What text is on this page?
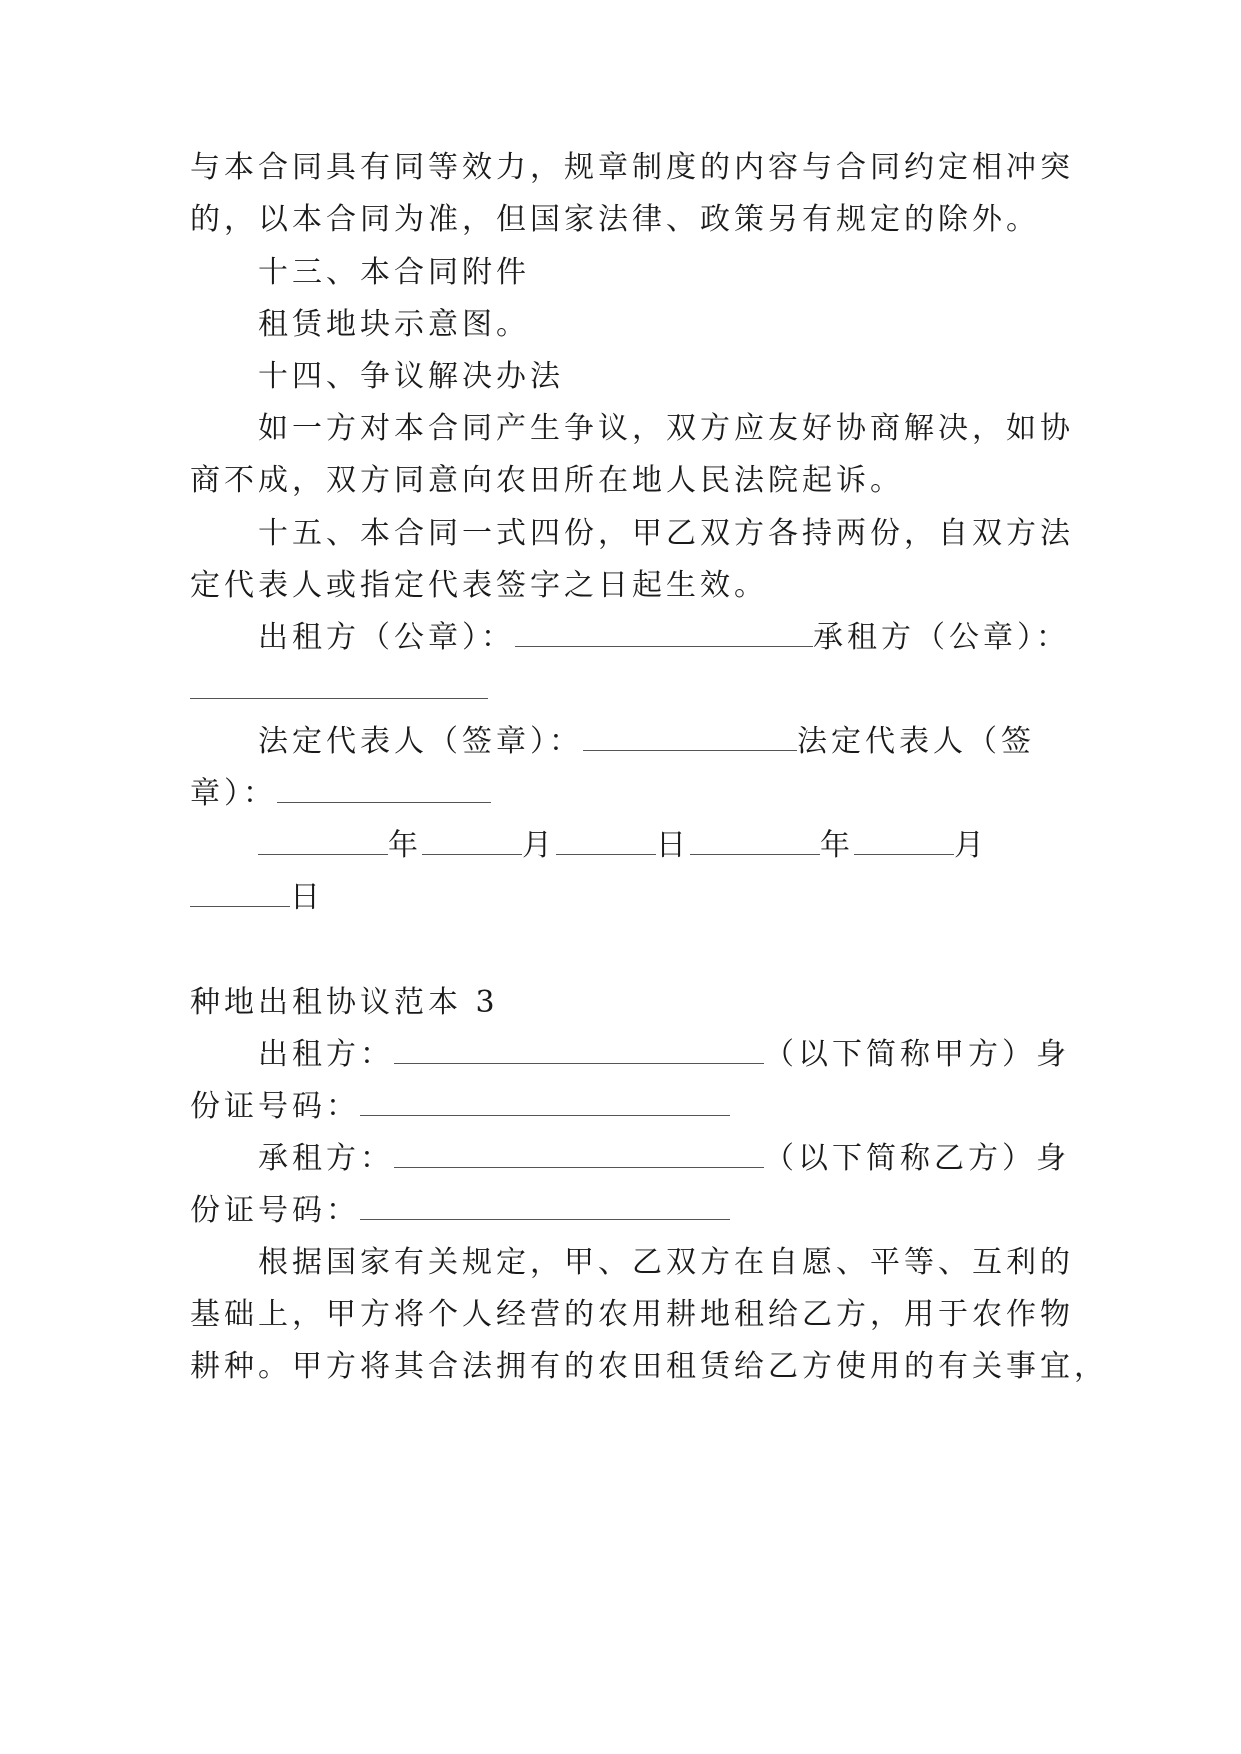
与本合同具有同等效力，规章制度的内容与合同约定相冲突
的，以本合同为准，但国家法律、政策另有规定的除外。
十三、本合同附件
租赁地块示意图。
十四、争议解决办法
如一方对本合同产生争议，双方应友好协商解决，如协
商不成，双方同意向农田所在地人民法院起诉。
十五、本合同一式四份，甲乙双方各持两份，自双方法
定代表人或指定代表签字之日起生效。
出租方（公章）：	承租方（公章）：
法定代表人（签章）：	法定代表人（签
章）：
年	月	日	年	月
日
种地出租协议范本 3
出租方：	（以下简称甲方）身
份证号码：
承租方：	（以下简称乙方）身
份证号码：
根据国家有关规定，甲、乙双方在自愿、平等、互利的
基础上，甲方将个人经营的农用耕地租给乙方，用于农作物
耕种。甲方将其合法拥有的农田租赁给乙方使用的有关事宜，
